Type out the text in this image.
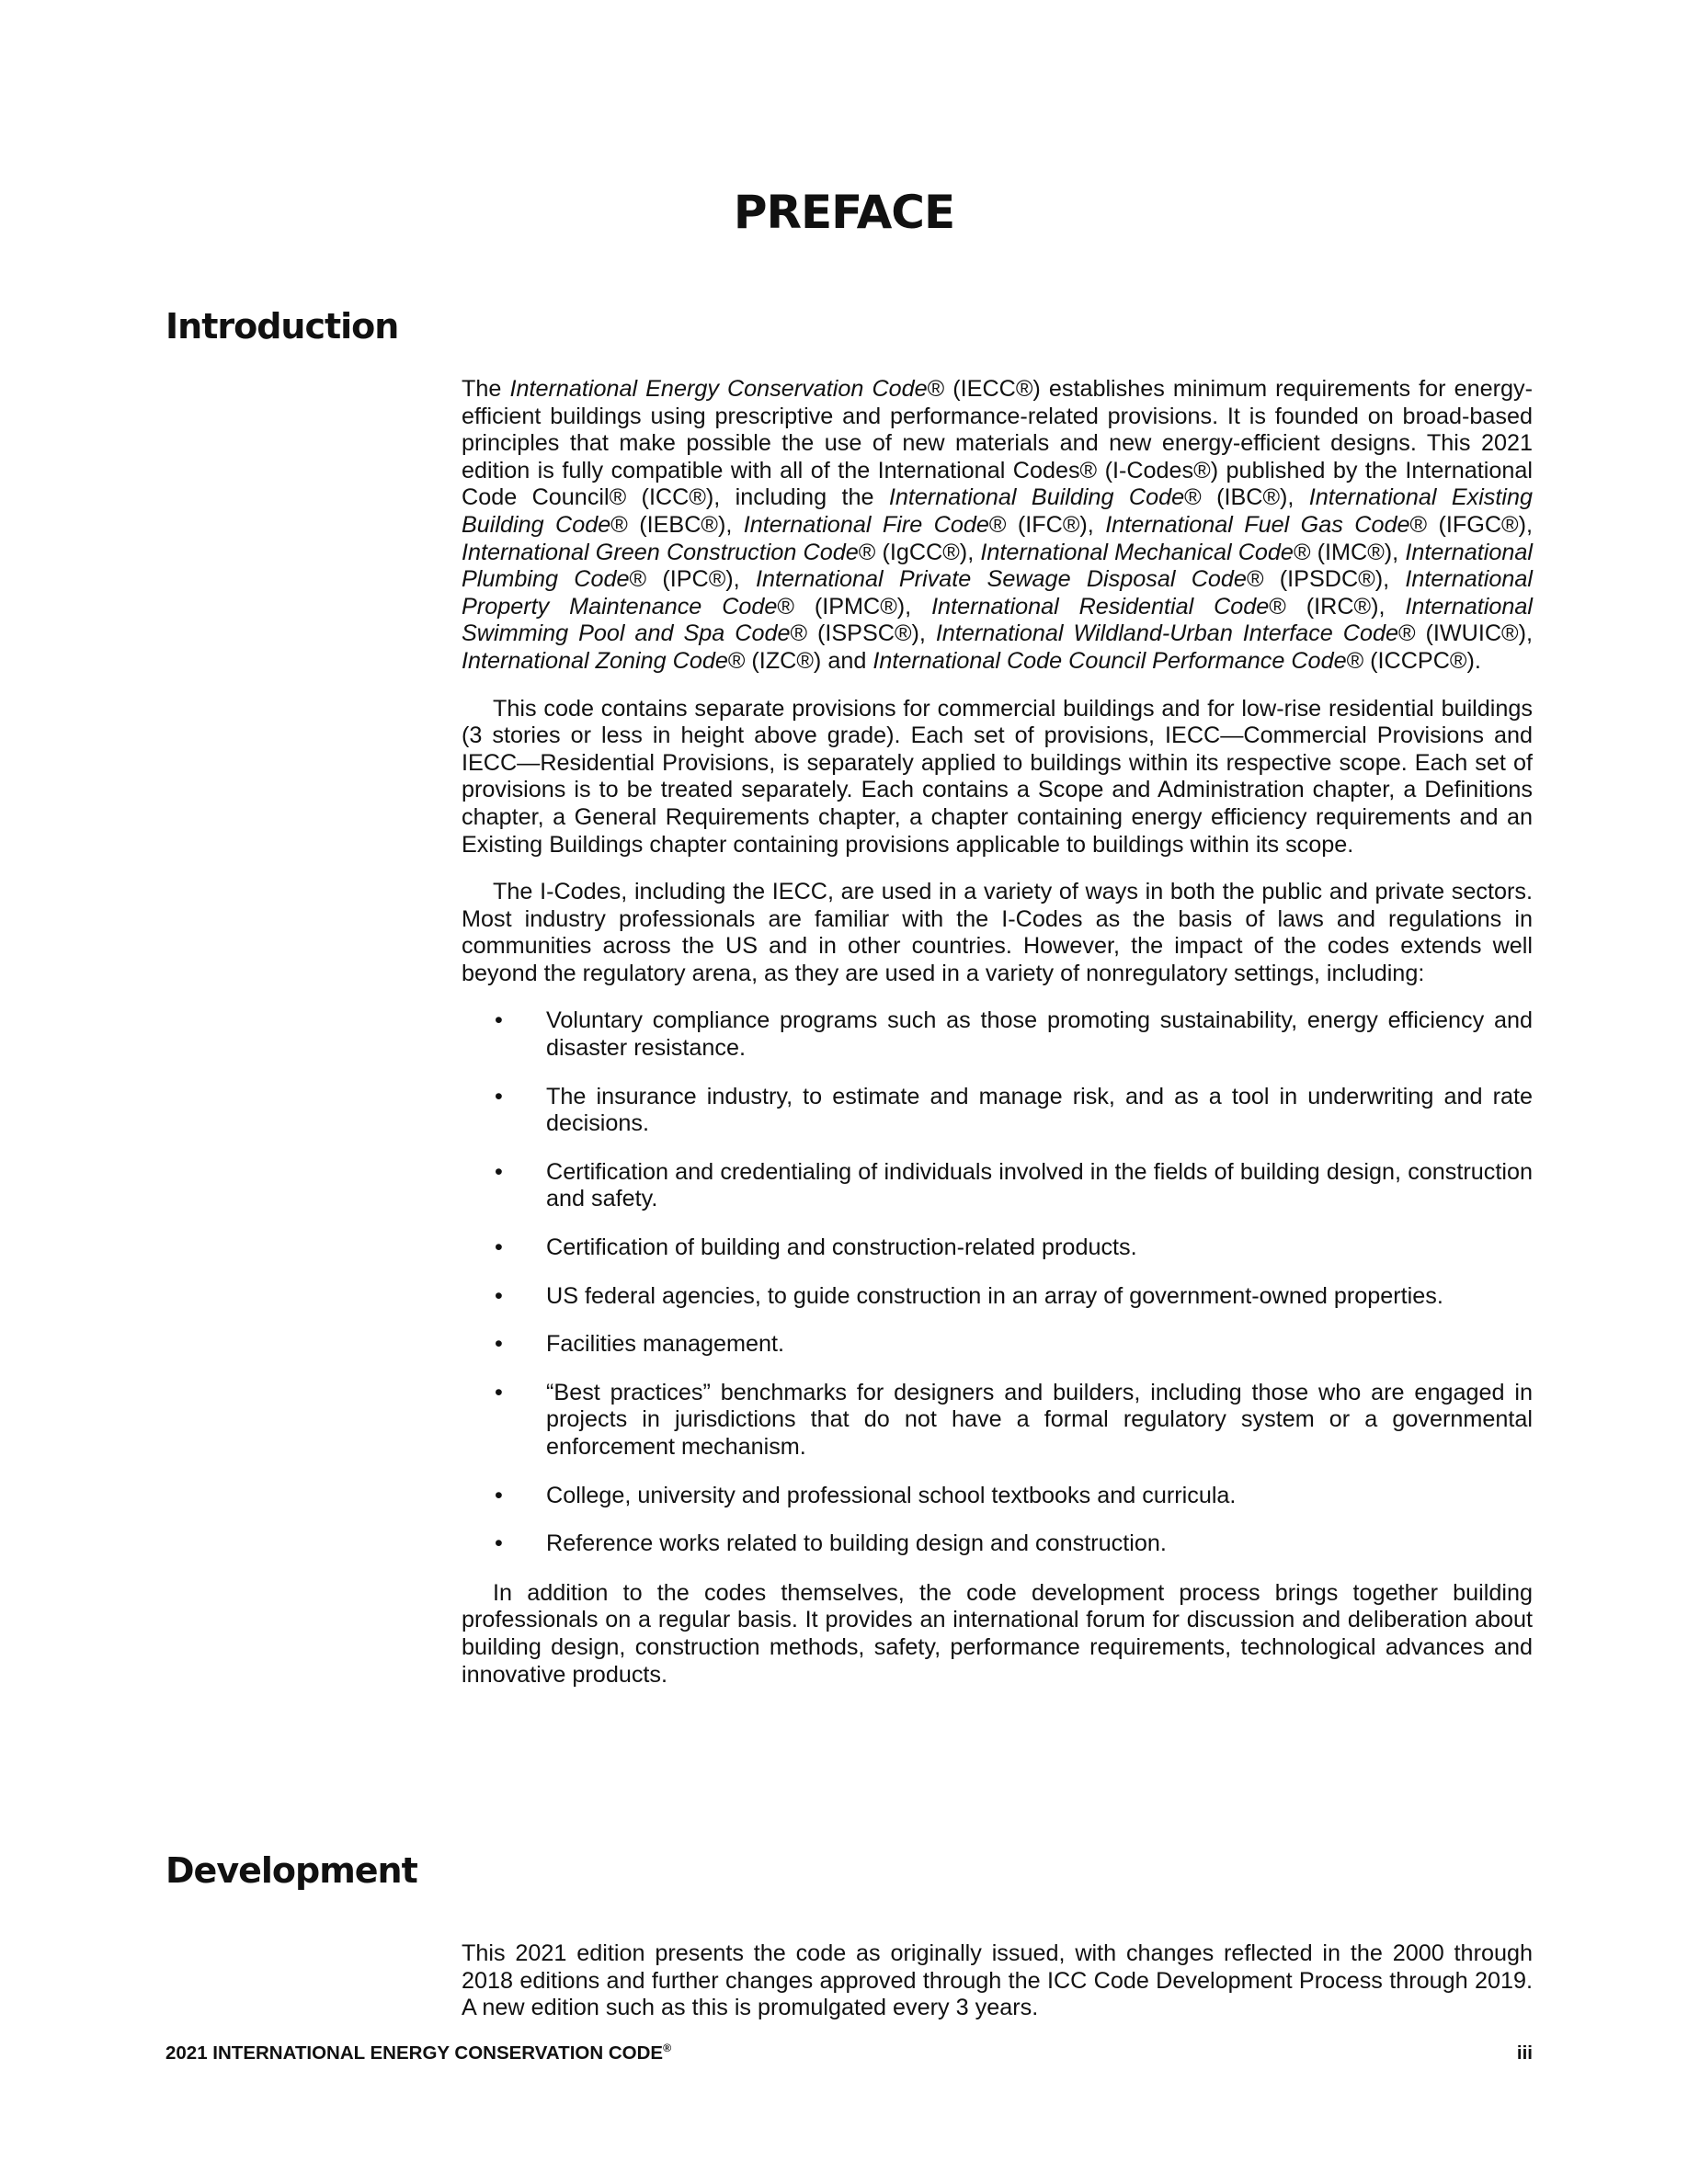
PREFACE
Introduction

The International Energy Conservation Code® (IECC®) establishes minimum requirements for energy-efficient buildings using prescriptive and performance-related provisions. It is founded on broad-based principles that make possible the use of new materials and new energy-efficient designs. This 2021 edition is fully compatible with all of the International Codes® (I-Codes®) published by the International Code Council® (ICC®), including the International Building Code® (IBC®), International Existing Building Code® (IEBC®), International Fire Code® (IFC®), International Fuel Gas Code® (IFGC®), International Green Construction Code® (IgCC®), International Mechanical Code® (IMC®), International Plumbing Code® (IPC®), International Private Sewage Disposal Code® (IPSDC®), International Property Maintenance Code® (IPMC®), International Residential Code® (IRC®), International Swimming Pool and Spa Code® (ISPSC®), International Wildland-Urban Interface Code® (IWUIC®), International Zoning Code® (IZC®) and International Code Council Performance Code® (ICCPC®).

This code contains separate provisions for commercial buildings and for low-rise residential buildings (3 stories or less in height above grade). Each set of provisions, IECC—Commercial Provisions and IECC—Residential Provisions, is separately applied to buildings within its respective scope. Each set of provisions is to be treated separately. Each contains a Scope and Administration chapter, a Definitions chapter, a General Requirements chapter, a chapter containing energy efficiency requirements and an Existing Buildings chapter containing provisions applicable to buildings within its scope.

The I-Codes, including the IECC, are used in a variety of ways in both the public and private sectors. Most industry professionals are familiar with the I-Codes as the basis of laws and regulations in communities across the US and in other countries. However, the impact of the codes extends well beyond the regulatory arena, as they are used in a variety of nonregulatory settings, including:

• Voluntary compliance programs such as those promoting sustainability, energy efficiency and disaster resistance.
• The insurance industry, to estimate and manage risk, and as a tool in underwriting and rate decisions.
• Certification and credentialing of individuals involved in the fields of building design, construction and safety.
• Certification of building and construction-related products.
• US federal agencies, to guide construction in an array of government-owned properties.
• Facilities management.
• “Best practices” benchmarks for designers and builders, including those who are engaged in projects in jurisdictions that do not have a formal regulatory system or a governmental enforcement mechanism.
• College, university and professional school textbooks and curricula.
• Reference works related to building design and construction.

In addition to the codes themselves, the code development process brings together building professionals on a regular basis. It provides an international forum for discussion and deliberation about building design, construction methods, safety, performance requirements, technological advances and innovative products.

Development

This 2021 edition presents the code as originally issued, with changes reflected in the 2000 through 2018 editions and further changes approved through the ICC Code Development Process through 2019. A new edition such as this is promulgated every 3 years.

2021 INTERNATIONAL ENERGY CONSERVATION CODE®	iii
